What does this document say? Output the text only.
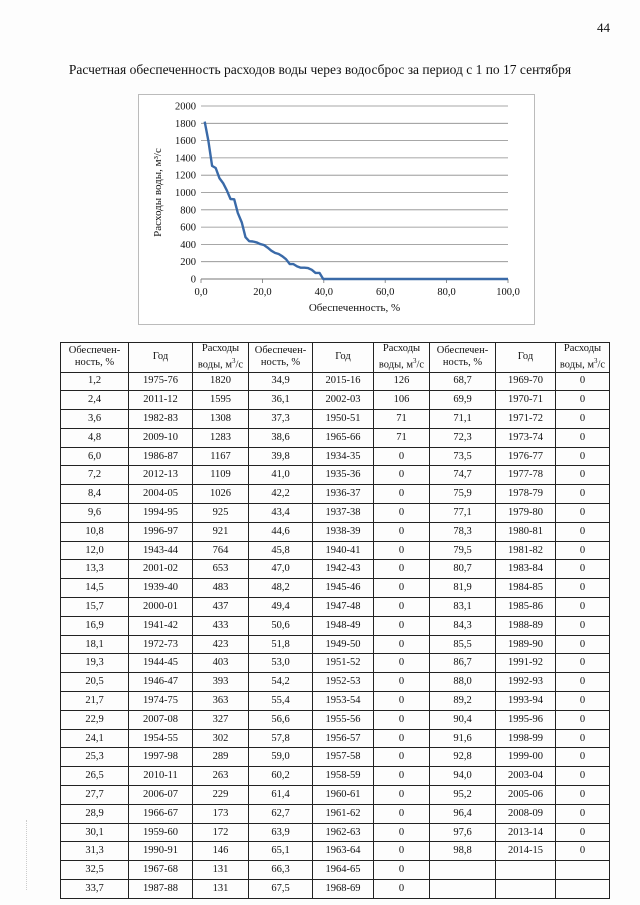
44
Расчетная обеспеченность расходов воды через водосброс за период с 1 по 17 сентября
0
200
400
600
800
1000
1200
1400
1600
1800
2000
0,0	20,0	40,0	60,0	80,0	100,0
Обеспеченность, %
Расходы воды, м³/с
Обеспечен-ность, %	Год	Расходы воды, $м^3/с$	Обеспечен-ность, %	Год	Расходы воды, $м^3/с$	Обеспечен-ность, %	Год	Расходы воды, $м^3/с$
1,2	1975-76	1820	34,9	2015-16	126	68,7	1969-70	0
2,4	2011-12	1595	36,1	2002-03	106	69,9	1970-71	0
3,6	1982-83	1308	37,3	1950-51	71	71,1	1971-72	0
4,8	2009-10	1283	38,6	1965-66	71	72,3	1973-74	0
6,0	1986-87	1167	39,8	1934-35	0	73,5	1976-77	0
7,2	2012-13	1109	41,0	1935-36	0	74,7	1977-78	0
8,4	2004-05	1026	42,2	1936-37	0	75,9	1978-79	0
9,6	1994-95	925	43,4	1937-38	0	77,1	1979-80	0
10,8	1996-97	921	44,6	1938-39	0	78,3	1980-81	0
12,0	1943-44	764	45,8	1940-41	0	79,5	1981-82	0
13,3	2001-02	653	47,0	1942-43	0	80,7	1983-84	0
14,5	1939-40	483	48,2	1945-46	0	81,9	1984-85	0
15,7	2000-01	437	49,4	1947-48	0	83,1	1985-86	0
16,9	1941-42	433	50,6	1948-49	0	84,3	1988-89	0
18,1	1972-73	423	51,8	1949-50	0	85,5	1989-90	0
19,3	1944-45	403	53,0	1951-52	0	86,7	1991-92	0
20,5	1946-47	393	54,2	1952-53	0	88,0	1992-93	0
21,7	1974-75	363	55,4	1953-54	0	89,2	1993-94	0
22,9	2007-08	327	56,6	1955-56	0	90,4	1995-96	0
24,1	1954-55	302	57,8	1956-57	0	91,6	1998-99	0
25,3	1997-98	289	59,0	1957-58	0	92,8	1999-00	0
26,5	2010-11	263	60,2	1958-59	0	94,0	2003-04	0
27,7	2006-07	229	61,4	1960-61	0	95,2	2005-06	0
28,9	1966-67	173	62,7	1961-62	0	96,4	2008-09	0
30,1	1959-60	172	63,9	1962-63	0	97,6	2013-14	0
31,3	1990-91	146	65,1	1963-64	0	98,8	2014-15	0
32,5	1967-68	131	66,3	1964-65	0			
33,7	1987-88	131	67,5	1968-69	0			
